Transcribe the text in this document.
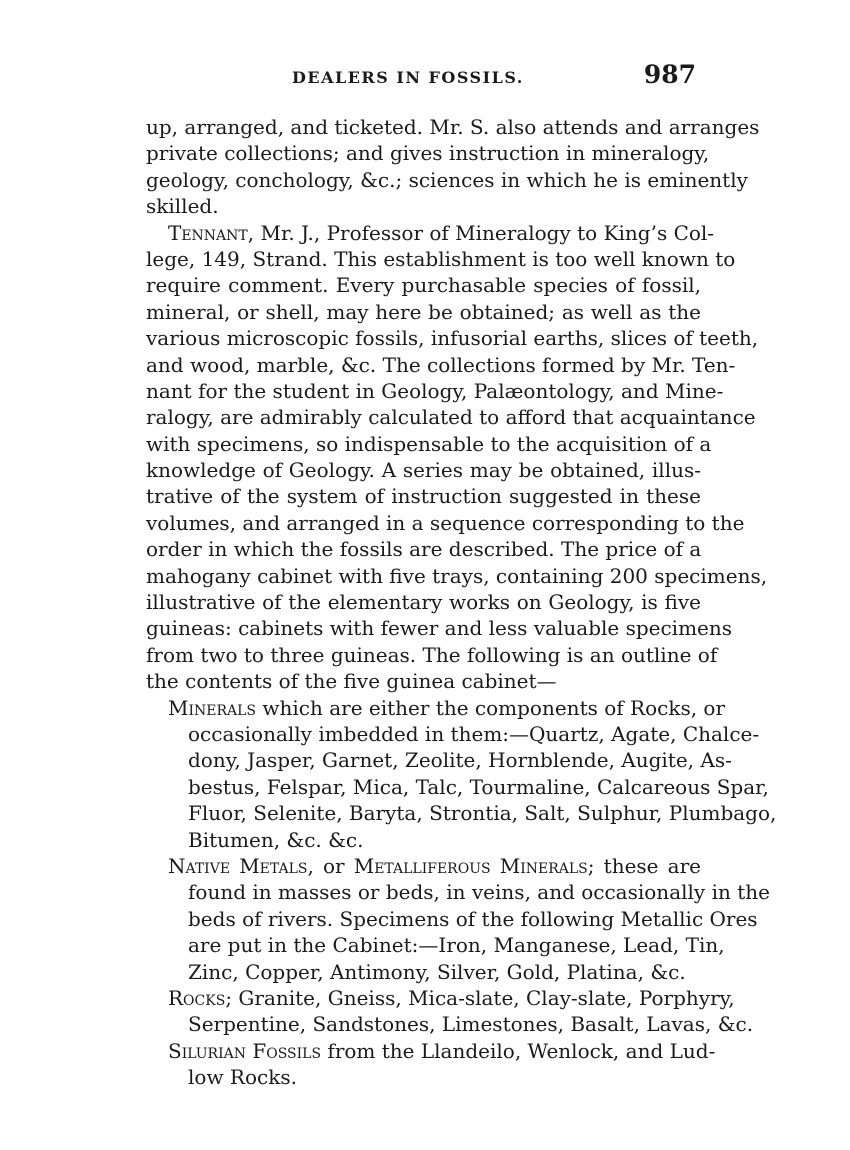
DEALERS IN FOSSILS.	987
up, arranged, and ticketed. Mr. S. also attends and arranges
private collections; and gives instruction in mineralogy,
geology, conchology, &c.; sciences in which he is eminently
skilled.
Tennant, Mr. J., Professor of Mineralogy to King’s Col-
lege, 149, Strand. This establishment is too well known to
require comment. Every purchasable species of fossil,
mineral, or shell, may here be obtained; as well as the
various microscopic fossils, infusorial earths, slices of teeth,
and wood, marble, &c. The collections formed by Mr. Ten-
nant for the student in Geology, Palæontology, and Mine-
ralogy, are admirably calculated to afford that acquaintance
with specimens, so indispensable to the acquisition of a
knowledge of Geology. A series may be obtained, illus-
trative of the system of instruction suggested in these
volumes, and arranged in a sequence corresponding to the
order in which the fossils are described. The price of a
mahogany cabinet with five trays, containing 200 specimens,
illustrative of the elementary works on Geology, is five
guineas: cabinets with fewer and less valuable specimens
from two to three guineas. The following is an outline of
the contents of the five guinea cabinet—
Minerals which are either the components of Rocks, or
occasionally imbedded in them:—Quartz, Agate, Chalce-
dony, Jasper, Garnet, Zeolite, Hornblende, Augite, As-
bestus, Felspar, Mica, Talc, Tourmaline, Calcareous Spar,
Fluor, Selenite, Baryta, Strontia, Salt, Sulphur, Plumbago,
Bitumen, &c. &c.
Native Metals, or Metalliferous Minerals; these are
found in masses or beds, in veins, and occasionally in the
beds of rivers. Specimens of the following Metallic Ores
are put in the Cabinet:—Iron, Manganese, Lead, Tin,
Zinc, Copper, Antimony, Silver, Gold, Platina, &c.
Rocks; Granite, Gneiss, Mica-slate, Clay-slate, Porphyry,
Serpentine, Sandstones, Limestones, Basalt, Lavas, &c.
Silurian Fossils from the Llandeilo, Wenlock, and Lud-
low Rocks.
